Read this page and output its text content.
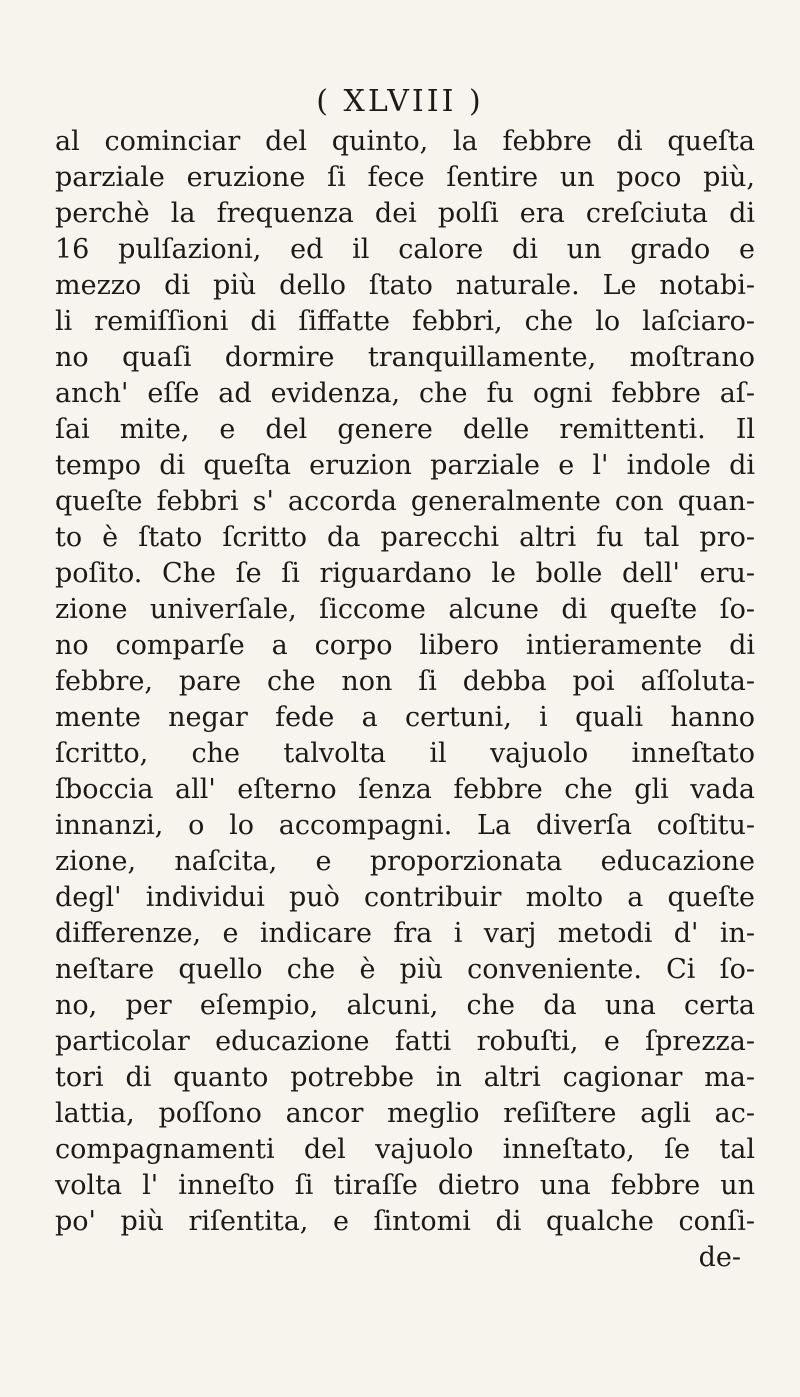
( XLVIII )
al cominciar del quinto, la febbre di queſta
parziale eruzione ſi fece ſentire un poco più,
perchè la frequenza dei polſi era creſciuta di
16 pulſazioni, ed il calore di un grado e
mezzo di più dello ſtato naturale. Le notabi-
li remiſſioni di ſiffatte febbri, che lo laſciaro-
no quaſi dormire tranquillamente, moſtrano
anch' eſſe ad evidenza, che fu ogni febbre aſ-
ſai mite, e del genere delle remittenti. Il
tempo di queſta eruzion parziale e l' indole di
queſte febbri s' accorda generalmente con quan-
to è ſtato ſcritto da parecchi altri fu tal pro-
poſito. Che ſe ſi riguardano le bolle dell' eru-
zione univerſale, ſiccome alcune di queſte ſo-
no comparſe a corpo libero intieramente di
febbre, pare che non ſi debba poi aſſoluta-
mente negar fede a certuni, i quali hanno
ſcritto, che talvolta il vajuolo inneſtato
ſboccia all' eſterno ſenza febbre che gli vada
innanzi, o lo accompagni. La diverſa coſtitu-
zione, naſcita, e proporzionata educazione
degl' individui può contribuir molto a queſte
differenze, e indicare fra i varj metodi d' in-
neſtare quello che è più conveniente. Ci ſo-
no, per eſempio, alcuni, che da una certa
particolar educazione fatti robuſti, e ſprezza-
tori di quanto potrebbe in altri cagionar ma-
lattia, poſſono ancor meglio reſiſtere agli ac-
compagnamenti del vajuolo inneſtato, ſe tal
volta l' inneſto ſi tiraſſe dietro una febbre un
po' più riſentita, e ſintomi di qualche conſi-
de-
